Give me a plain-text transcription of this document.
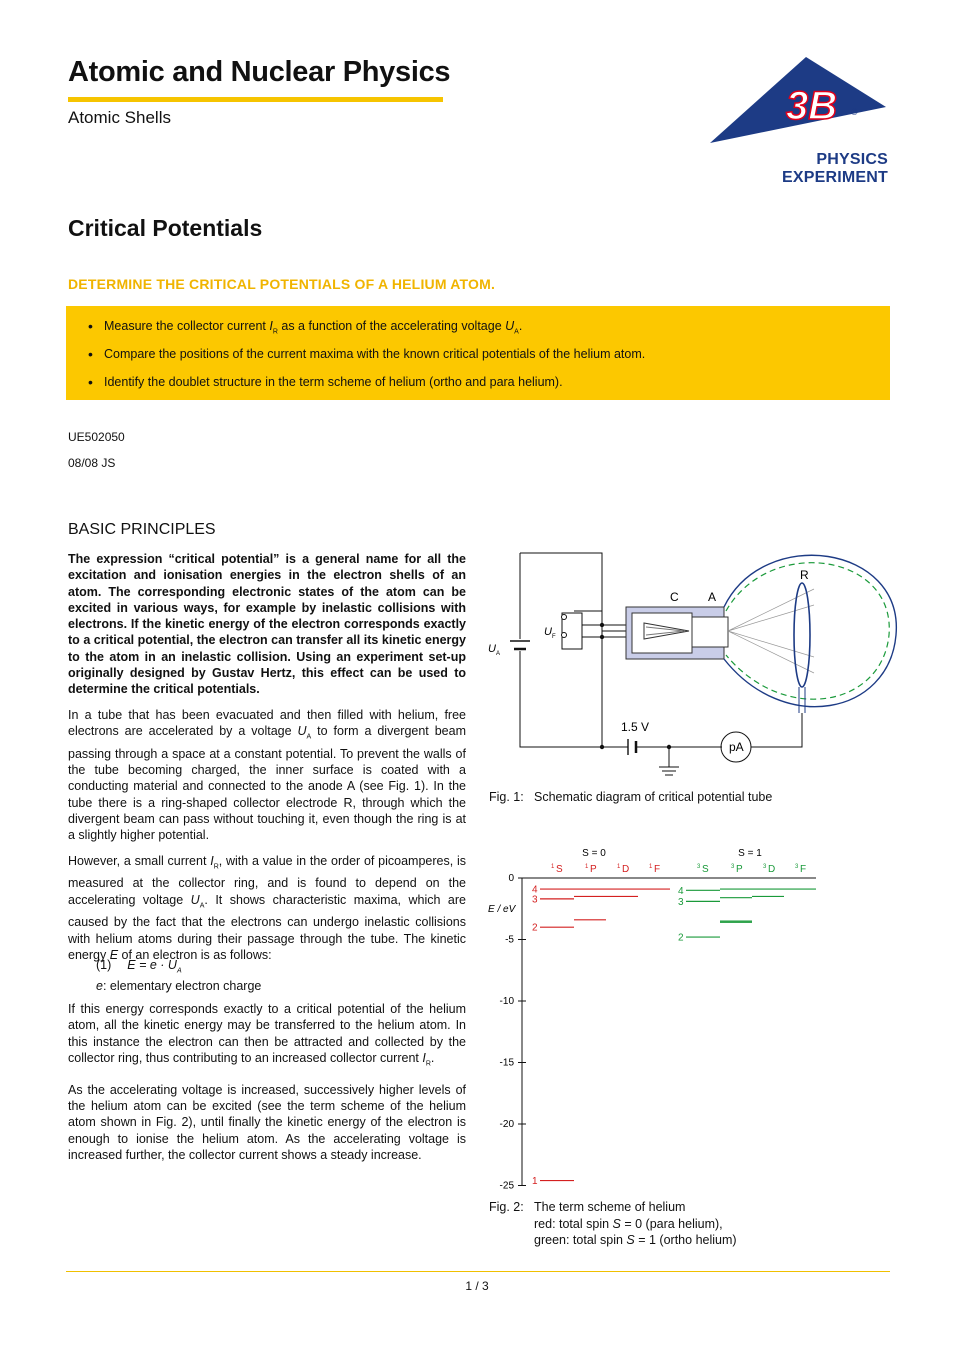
Atomic and Nuclear Physics
Atomic Shells	3B ®
PHYSICS EXPERIMENT
Critical Potentials
DETERMINE THE CRITICAL POTENTIALS OF A HELIUM ATOM.
• Measure the collector current $I_R$ as a function of the accelerating voltage $U_A$.
• Compare the positions of the current maxima with the known critical potentials of the helium atom.
• Identify the doublet structure in the term scheme of helium (ortho and para helium).
UE502050
08/08 JS
BASIC PRINCIPLES

The expression “critical potential” is a general name for all the excitation and ionisation energies in the electron shells of an atom. The corresponding electronic states of the atom can be excited in various ways, for example by inelastic collisions with electrons. If the kinetic energy of the electron corresponds exactly to a critical potential, the electron can transfer all its kinetic energy to the atom in an inelastic collision. Using an experiment set-up originally designed by Gustav Hertz, this effect can be used to determine the critical potentials.

In a tube that has been evacuated and then filled with helium, free electrons are accelerated by a voltage $U_A$ to form a divergent beam passing through a space at a constant potential. To prevent the walls of the tube becoming charged, the inner surface is coated with a conducting material and connected to the anode A (see Fig. 1). In the tube there is a ring-shaped collector electrode R, through which the divergent beam can pass without touching it, even though the ring is at a slightly higher potential.

However, a small current $I_R$, with a value in the order of picoamperes, is measured at the collector ring, and is found to depend on the accelerating voltage $U_A$. It shows characteristic maxima, which are caused by the fact that the electrons can undergo inelastic collisions with helium atoms during their passage through the tube. The kinetic energy E of an electron is as follows:

(1) $E = e \cdot U_A$
e: elementary electron charge

If this energy corresponds exactly to a critical potential of the helium atom, all the kinetic energy may be transferred to the helium atom. In this instance the electron can then be attracted and collected by the collector ring, thus contributing to an increased collector current $I_R$.

As the accelerating voltage is increased, successively higher levels of the helium atom can be excited (see the term scheme of the helium atom shown in Fig. 2), until finally the kinetic energy of the electron is enough to ionise the helium atom. As the accelerating voltage is increased further, the collector current shows a steady increase.

C A
R
U A
U F
1.5 V
pA
Fig. 1: Schematic diagram of critical potential tube
S = 0	S = 1
E / eV
0
-5
-10
-15
-20
-25
1 S	1 P	1 D	1 F	3 S	3 P	3 D	3 F
1
2
3
4
2
3
4
Fig. 2: The term scheme of helium
red: total spin S = 0 (para helium),
green: total spin S = 1 (ortho helium)
1 / 3
